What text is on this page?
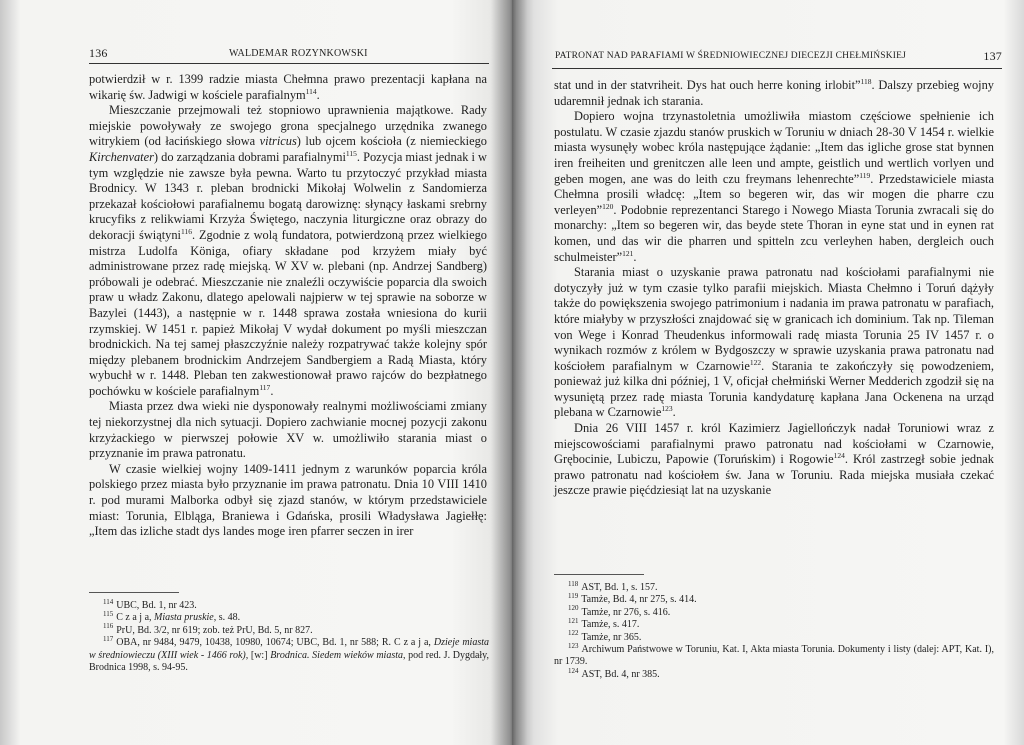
136	WALDEMAR ROZYNKOWSKI

potwierdził w r. 1399 radzie miasta Chełmna prawo prezentacji kapłana na wikarię św. Jadwigi w kościele parafialnym$^{114}$.

Mieszczanie przejmowali też stopniowo uprawnienia majątkowe. Rady miejskie powoływały ze swojego grona specjalnego urzędnika zwanego witrykiem (od łacińskiego słowa vitricus) lub ojcem kościoła (z niemieckiego Kirchenvater) do zarządzania dobrami parafialnymi$^{115}$. Pozycja miast jednak i w tym względzie nie zawsze była pewna. Warto tu przytoczyć przykład miasta Brodnicy. W 1343 r. pleban brodnicki Mikołaj Wolwelin z Sandomierza przekazał kościołowi parafialnemu bogatą darowiznę: słynący łaskami srebrny krucyfiks z relikwiami Krzyża Świętego, naczynia liturgiczne oraz obrazy do dekoracji świątyni$^{116}$. Zgodnie z wolą fundatora, potwierdzoną przez wielkiego mistrza Ludolfa Königa, ofiary składane pod krzyżem miały być administrowane przez radę miejską. W XV w. plebani (np. Andrzej Sandberg) próbowali je odebrać. Mieszczanie nie znaleźli oczywiście poparcia dla swoich praw u władz Zakonu, dlatego apelowali najpierw w tej sprawie na soborze w Bazylei (1443), a następnie w r. 1448 sprawa została wniesiona do kurii rzymskiej. W 1451 r. papież Mikołaj V wydał dokument po myśli mieszczan brodnickich. Na tej samej płaszczyźnie należy rozpatrywać także kolejny spór między plebanem brodnickim Andrzejem Sandbergiem a Radą Miasta, który wybuchł w r. 1448. Pleban ten zakwestionował prawo rajców do bezpłatnego pochówku w kościele parafialnym$^{117}$.

Miasta przez dwa wieki nie dysponowały realnymi możliwościami zmiany tej niekorzystnej dla nich sytuacji. Dopiero zachwianie mocnej pozycji zakonu krzyżackiego w pierwszej połowie XV w. umożliwiło starania miast o przyznanie im prawa patronatu.

W czasie wielkiej wojny 1409-1411 jednym z warunków poparcia króla polskiego przez miasta było przyznanie im prawa patronatu. Dnia 10 VIII 1410 r. pod murami Malborka odbył się zjazd stanów, w którym przedstawiciele miast: Torunia, Elbląga, Braniewa i Gdańska, prosili Władysława Jagiełłę: „Item das izliche stadt dys landes moge iren pfarrer seczen in irer

$^{114}$ UBC, Bd. 1, nr 423.

$^{115}$ C z a j a, Miasta pruskie, s. 48.

$^{116}$ PrU, Bd. 3/2, nr 619; zob. też PrU, Bd. 5, nr 827.

$^{117}$ OBA, nr 9484, 9479, 10438, 10980, 10674; UBC, Bd. 1, nr 588; R. C z a j a, Dzieje miasta w średniowieczu (XIII wiek - 1466 rok), [w:] Brodnica. Siedem wieków miasta, pod red. J. Dygdały, Brodnica 1998, s. 94-95.

PATRONAT NAD PARAFIAMI W ŚREDNIOWIECZNEJ DIECEZJI CHEŁMIŃSKIEJ	137

stat und in der statvriheit. Dys hat ouch herre koning irlobit”$^{118}$. Dalszy przebieg wojny udaremnił jednak ich starania.

Dopiero wojna trzynastoletnia umożliwiła miastom częściowe spełnienie ich postulatu. W czasie zjazdu stanów pruskich w Toruniu w dniach 28-30 V 1454 r. wielkie miasta wysunęły wobec króla następujące żądanie: „Item das igliche grose stat bynnen iren freiheiten und grenitczen alle leen und ampte, geistlich und wertlich vorlyen und geben mogen, ane was do leith czu freymans lehenrechte”$^{119}$. Przedstawiciele miasta Chełmna prosili władcę: „Item so begeren wir, das wir mogen die pharre czu verleyen”$^{120}$. Podobnie reprezentanci Starego i Nowego Miasta Torunia zwracali się do monarchy: „Item so begeren wir, das beyde stete Thoran in eyne stat und in eynen rat komen, und das wir die pharren und spitteln zcu verleyhen haben, dergleich ouch schulmeister”$^{121}$.

Starania miast o uzyskanie prawa patronatu nad kościołami parafialnymi nie dotyczyły już w tym czasie tylko parafii miejskich. Miasta Chełmno i Toruń dążyły także do powiększenia swojego patrimonium i nadania im prawa patronatu w parafiach, które miałyby w przyszłości znajdować się w granicach ich dominium. Tak np. Tileman von Wege i Konrad Theudenkus informowali radę miasta Torunia 25 IV 1457 r. o wynikach rozmów z królem w Bydgoszczy w sprawie uzyskania prawa patronatu nad kościołem parafialnym w Czarnowie$^{122}$. Starania te zakończyły się powodzeniem, ponieważ już kilka dni później, 1 V, oficjał chełmiński Werner Medderich zgodził się na wysuniętą przez radę miasta Torunia kandydaturę kapłana Jana Ockenena na urząd plebana w Czarnowie$^{123}$.

Dnia 26 VIII 1457 r. król Kazimierz Jagiellończyk nadał Toruniowi wraz z miejscowościami parafialnymi prawo patronatu nad kościołami w Czarnowie, Grębocinie, Lubiczu, Papowie (Toruńskim) i Rogowie$^{124}$. Król zastrzegł sobie jednak prawo patronatu nad kościołem św. Jana w Toruniu. Rada miejska musiała czekać jeszcze prawie pięćdziesiąt lat na uzyskanie

$^{118}$ AST, Bd. 1, s. 157.

$^{119}$ Tamże, Bd. 4, nr 275, s. 414.

$^{120}$ Tamże, nr 276, s. 416.

$^{121}$ Tamże, s. 417.

$^{122}$ Tamże, nr 365.

$^{123}$ Archiwum Państwowe w Toruniu, Kat. I, Akta miasta Torunia. Dokumenty i listy (dalej: APT, Kat. I), nr 1739.

$^{124}$ AST, Bd. 4, nr 385.
